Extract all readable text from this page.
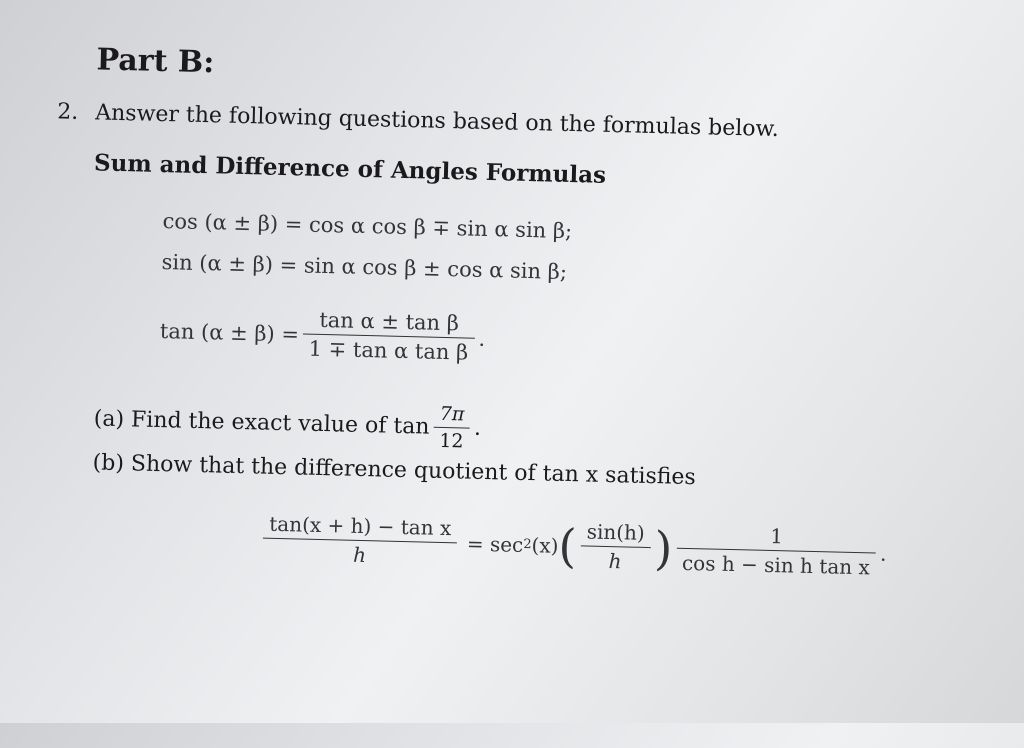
Part B:
2. Answer the following questions based on the formulas below.
Sum and Difference of Angles Formulas
cos (α ± β) = cos α cos β ∓ sin α sin β;
sin (α ± β) = sin α cos β ± cos α sin β;
tan (α ± β) = tan α ± tan β
1 ∓ tan α tan β .
(a) Find the exact value of $\tan \frac{7\pi}{12}$ .
(b) Show that the difference quotient of tan x satisfies
tan(x + h) − tan x
h	= sec 2 (x) ( $\frac{\sin(h)}{h}$ )	1
cos h − sin h tan x .
